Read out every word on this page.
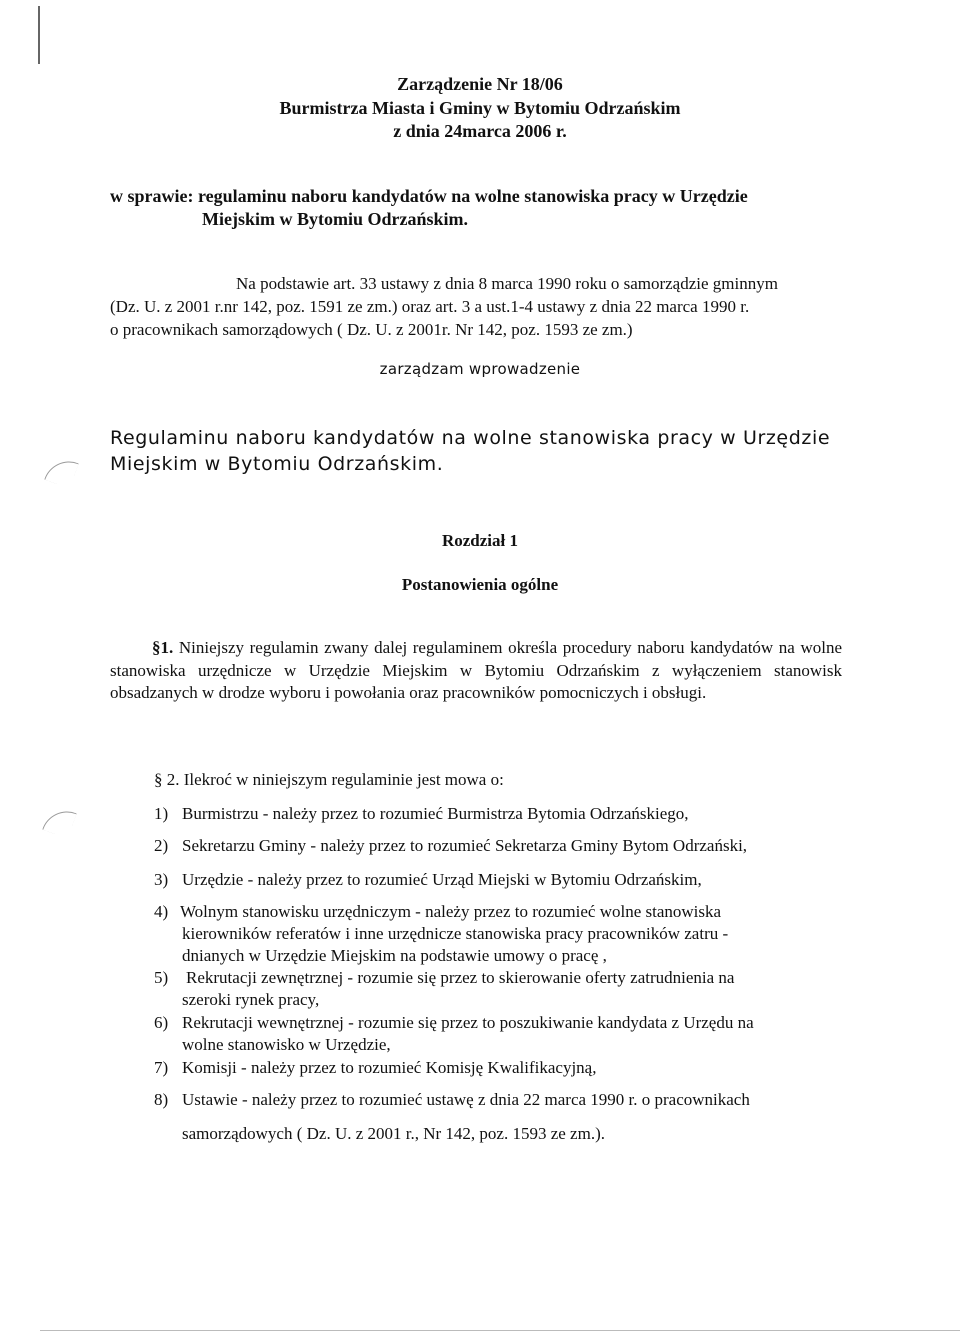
Zarządzenie Nr 18/06
Burmistrza Miasta i Gminy w Bytomiu Odrzańskim
z dnia 24marca 2006 r.
w sprawie: regulaminu naboru kandydatów na wolne stanowiska pracy w Urzędzie
Miejskim w Bytomiu Odrzańskim.
Na podstawie art. 33 ustawy z dnia 8 marca 1990 roku o samorządzie gminnym
(Dz. U. z 2001 r.nr 142, poz. 1591 ze zm.) oraz art. 3 a ust.1-4 ustawy z dnia 22 marca 1990 r.
o pracownikach samorządowych ( Dz. U. z 2001r. Nr 142, poz. 1593 ze zm.)
zarządzam wprowadzenie
Regulaminu naboru kandydatów na wolne stanowiska pracy w Urzędzie
Miejskim w Bytomiu Odrzańskim.
Rozdział 1
Postanowienia ogólne
§1. Niniejszy regulamin zwany dalej regulaminem określa procedury naboru kandydatów na wolne stanowiska urzędnicze w Urzędzie Miejskim w Bytomiu Odrzańskim z wyłączeniem stanowisk obsadzanych w drodze wyboru i powołania oraz pracowników pomocniczych i obsługi.
§ 2. Ilekroć w niniejszym regulaminie jest mowa o:
1) Burmistrzu - należy przez to rozumieć Burmistrza Bytomia Odrzańskiego,
2) Sekretarzu Gminy - należy przez to rozumieć Sekretarza Gminy Bytom Odrzański,
3) Urzędzie - należy przez to rozumieć Urząd Miejski w Bytomiu Odrzańskim,
4) Wolnym stanowisku urzędniczym - należy przez to rozumieć wolne stanowiska
kierowników referatów i inne urzędnicze stanowiska pracy pracowników zatru -
dnianych w Urzędzie Miejskim na podstawie umowy o pracę ,
5) Rekrutacji zewnętrznej - rozumie się przez to skierowanie oferty zatrudnienia na
szeroki rynek pracy,
6) Rekrutacji wewnętrznej - rozumie się przez to poszukiwanie kandydata z Urzędu na
wolne stanowisko w Urzędzie,
7) Komisji - należy przez to rozumieć Komisję Kwalifikacyjną,
8) Ustawie - należy przez to rozumieć ustawę z dnia 22 marca 1990 r. o pracownikach
samorządowych ( Dz. U. z 2001 r., Nr 142, poz. 1593 ze zm.).
